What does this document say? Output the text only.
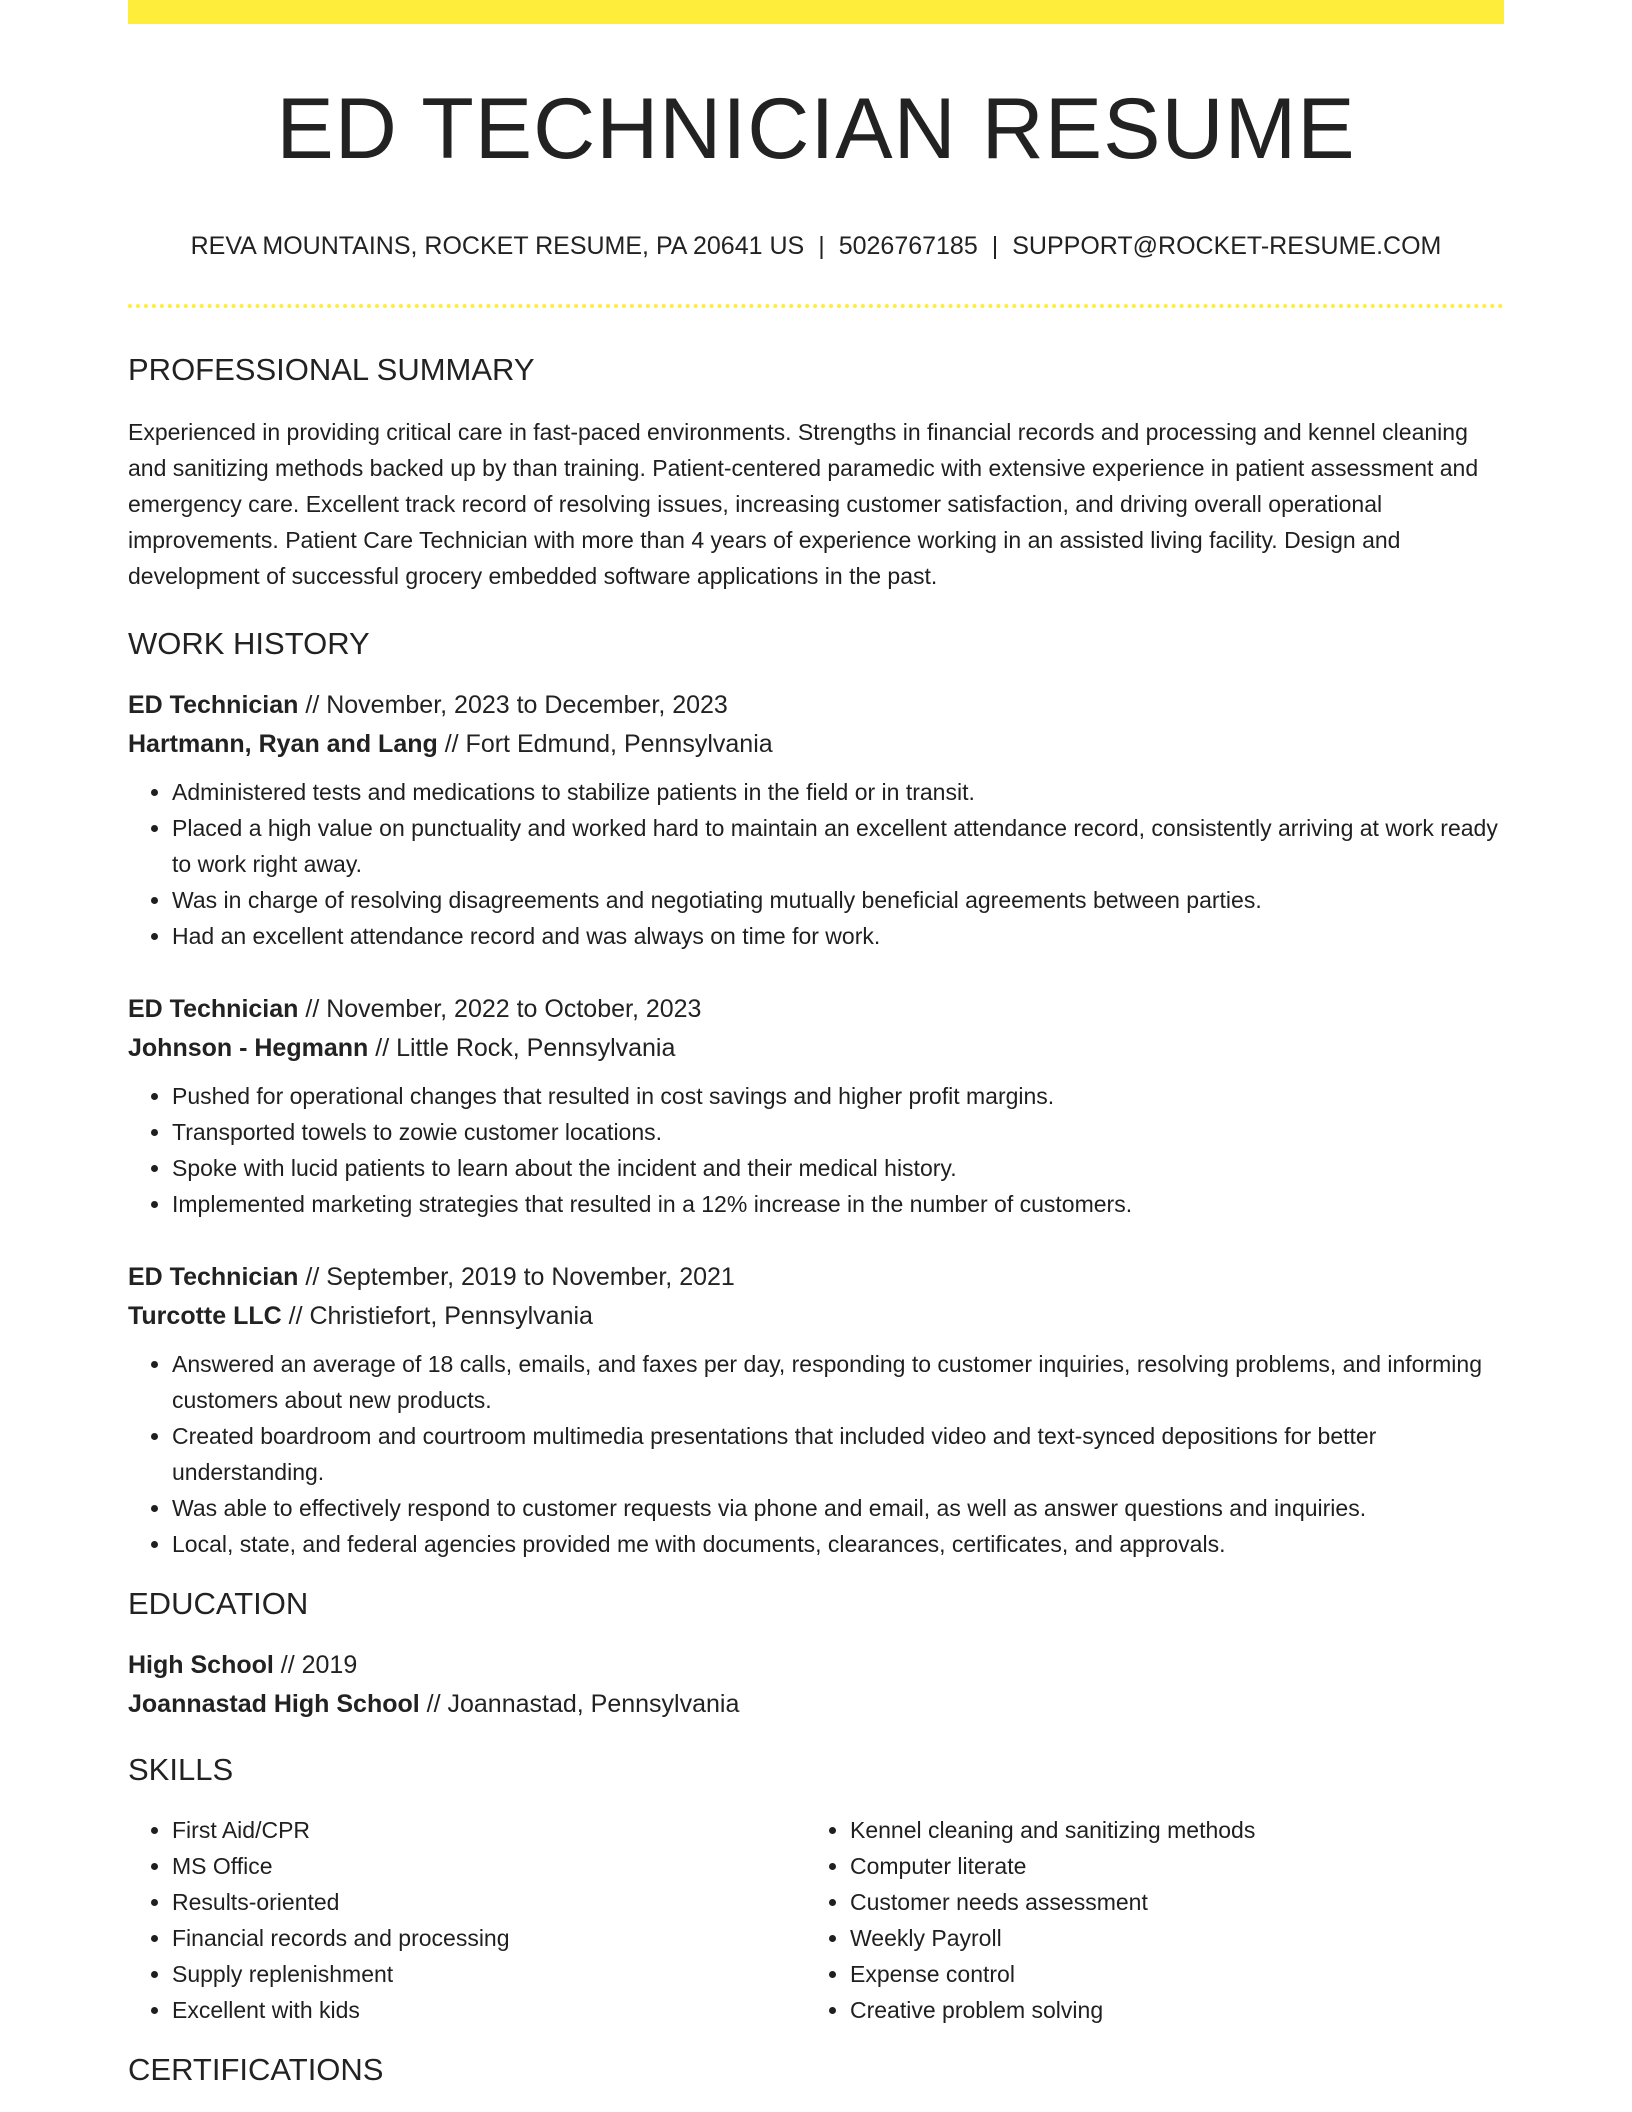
ED TECHNICIAN RESUME
REVA MOUNTAINS, ROCKET RESUME, PA 20641 US | 5026767185 | SUPPORT@ROCKET-RESUME.COM
PROFESSIONAL SUMMARY

Experienced in providing critical care in fast-paced environments. Strengths in financial records and processing and kennel cleaning and sanitizing methods backed up by than training. Patient-centered paramedic with extensive experience in patient assessment and emergency care. Excellent track record of resolving issues, increasing customer satisfaction, and driving overall operational improvements. Patient Care Technician with more than 4 years of experience working in an assisted living facility. Design and development of successful grocery embedded software applications in the past.

WORK HISTORY
ED Technician // November, 2023 to December, 2023
Hartmann, Ryan and Lang // Fort Edmund, Pennsylvania
• Administered tests and medications to stabilize patients in the field or in transit.
• Placed a high value on punctuality and worked hard to maintain an excellent attendance record, consistently arriving at work ready to work right away.
• Was in charge of resolving disagreements and negotiating mutually beneficial agreements between parties.
• Had an excellent attendance record and was always on time for work.
ED Technician // November, 2022 to October, 2023
Johnson - Hegmann // Little Rock, Pennsylvania
• Pushed for operational changes that resulted in cost savings and higher profit margins.
• Transported towels to zowie customer locations.
• Spoke with lucid patients to learn about the incident and their medical history.
• Implemented marketing strategies that resulted in a 12% increase in the number of customers.
ED Technician // September, 2019 to November, 2021
Turcotte LLC // Christiefort, Pennsylvania
• Answered an average of 18 calls, emails, and faxes per day, responding to customer inquiries, resolving problems, and informing customers about new products.
• Created boardroom and courtroom multimedia presentations that included video and text-synced depositions for better understanding.
• Was able to effectively respond to customer requests via phone and email, as well as answer questions and inquiries.
• Local, state, and federal agencies provided me with documents, clearances, certificates, and approvals.
EDUCATION
High School // 2019
Joannastad High School // Joannastad, Pennsylvania
SKILLS
• First Aid/CPR
• MS Office
• Results-oriented
• Financial records and processing
• Supply replenishment
• Excellent with kids
• Kennel cleaning and sanitizing methods
• Computer literate
• Customer needs assessment
• Weekly Payroll
• Expense control
• Creative problem solving
CERTIFICATIONS
